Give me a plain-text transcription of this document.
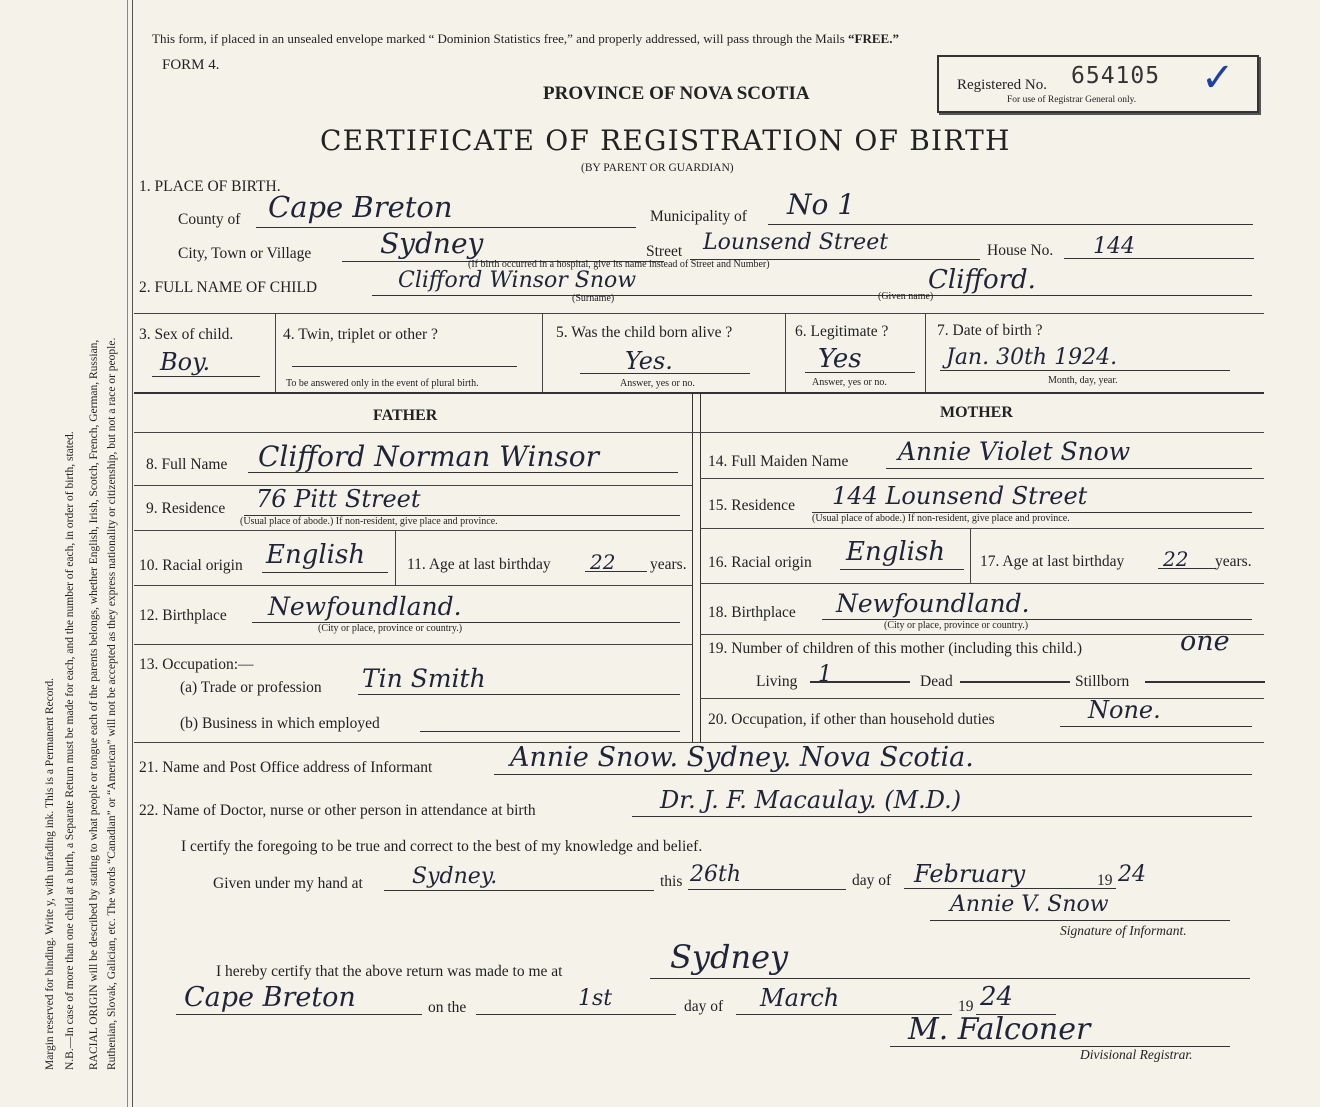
Margin reserved for binding. Write y, with unfading ink. This is a Permanent Record. N.B.—In case of more than one child at a birth, a Separate Return must be made for each, and the number of each, in order of birth, stated. RACIAL ORIGIN will be described by stating to what people or tongue each of the parents belongs, whether English, Irish, Scotch, French, German, Russian, Ruthenian, Slovak, Galician, etc. The words “Canadian” or “American” will not be accepted as they express nationality or citizenship, but not a race or people.
This form, if placed in an unsealed envelope marked “ Dominion Statistics free,” and properly addressed, will pass through the Mails “FREE.”
FORM 4.
PROVINCE OF NOVA SCOTIA	Registered No. 654105 ✓
For use of Registrar General only.
CERTIFICATE OF REGISTRATION OF BIRTH
(BY PARENT OR GUARDIAN)
1. PLACE OF BIRTH.
County of Cape Breton	Municipality of No 1
City, Town or Village Sydney	Street Lounsend Street	House No. 144
(If birth occurred in a hospital, give its name instead of Street and Number)
2. FULL NAME OF CHILD	Clifford Winsor Snow
(Surname)
Clifford.
(Given name)
3. Sex of child.
Boy.
4. Twin, triplet or other ?
To be answered only in the event of plural birth.
5. Was the child born alive ?
Yes.
Answer, yes or no.
6. Legitimate ?
Yes
Answer, yes or no.
7. Date of birth ?
Jan. 30th 1924.
Month, day, year.
FATHER	MOTHER
8. Full Name Clifford Norman Winsor
9. Residence 76 Pitt Street
(Usual place of abode.) If non-resident, give place and province.
10. Racial origin English	11. Age at last birthday 22 years.
12. Birthplace Newfoundland.
(City or place, province or country.)
13. Occupation:—
(a) Trade or profession Tin Smith
(b) Business in which employed
14. Full Maiden Name Annie Violet Snow
15. Residence 144 Lounsend Street
(Usual place of abode.) If non-resident, give place and province.
16. Racial origin English 17. Age at last birthday 22 years.
18. Birthplace Newfoundland.
(City or place, province or country.)
19. Number of children of this mother (including this child.)	one
Living 1	Dead	Stillborn
20. Occupation, if other than household duties	None.
21. Name and Post Office address of Informant	Annie Snow. Sydney. Nova Scotia.
22. Name of Doctor, nurse or other person in attendance at birth	Dr. J. F. Macaulay. (M.D.)
I certify the foregoing to be true and correct to the best of my knowledge and belief.
Given under my hand at Sydney.	this 26th	day of February	19 24
Annie V. Snow
Signature of Informant.
I hereby certify that the above return was made to me at	Sydney
Cape Breton	on the	1st	day of March	19 24
M. Falconer
Divisional Registrar.
